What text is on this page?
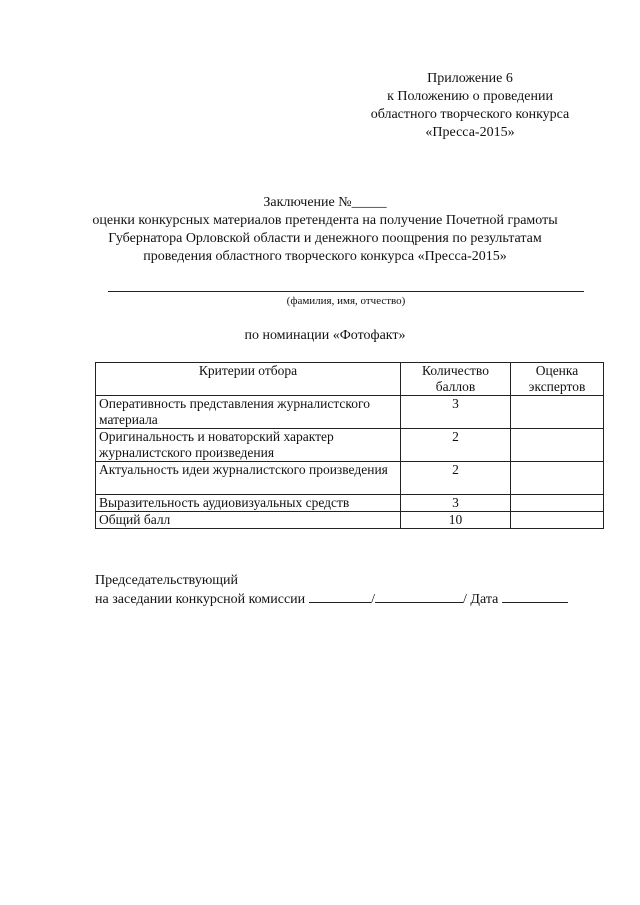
Приложение 6
к Положению о проведении
областного творческого конкурса
«Пресса-2015»
Заключение №_____
оценки конкурсных материалов претендента на получение Почетной грамоты
Губернатора Орловской области и денежного поощрения по результатам
проведения областного творческого конкурса «Пресса-2015»
(фамилия, имя, отчество)
по номинации «Фотофакт»
Критерии отбора	Количество баллов	Оценка экспертов
Оперативность представления журналистского материала	3	
Оригинальность и новаторский характер журналистского произведения	2	
Актуальность идеи журналистского произведения	2	
Выразительность аудиовизуальных средств	3	
Общий балл	10	
Председательствующий
на заседании конкурсной комиссии	/	/ Дата
